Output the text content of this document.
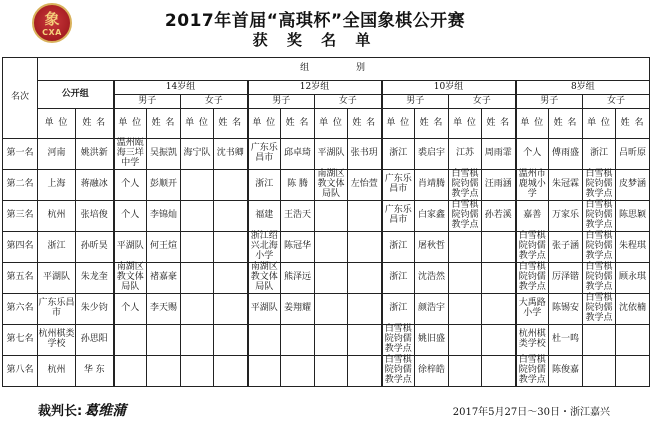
象
CXA
2017年首届“高琪杯”全国象棋公开赛
获 奖 名 单
名次	组 别																	
	公开组		14岁组				12岁组				10岁组				8岁组			
			男子		女子		男子		女子		男子		女子		男子		女子	
	单 位	姓 名	单 位	姓 名	单 位	姓 名	单 位	姓 名	单 位	姓 名	单 位	姓 名	单 位	姓 名	单 位	姓 名	单 位	姓 名
第一名	河南	姚洪新	温州瓯海三垟中学	吴振凯	海宁队	沈书卿	广东乐昌市	邱卓琦	平湖队	张书玥	浙江	裘启宇	江苏	周雨霏	个人	傅雨盛	浙江	吕昕原
第二名	上海	蒋融冰	个人	彭顺开			浙江	陈 腾	南湖区教文体局队	左怡萱	广东乐昌市	肖靖腾	白雪棋院钧儒教学点	汪雨涵	温州市鹿城小学	朱冠霖	白雪棋院钧儒教学点	皮梦涵
第三名	杭州	张培俊	个人	李锦灿			福建	王浩天			广东乐昌市	白家鑫	白雪棋院钧儒教学点	孙若溪	嘉善	万家乐	白雪棋院钧儒教学点	陈思颖
第四名	浙江	孙昕昊	平湖队	何王煊			浙江绍兴北海小学	陈冠华			浙江	屠秋哲			白雪棋院钧儒教学点	张子涵	白雪棋院钧儒教学点	朱程琪
第五名	平湖队	朱龙奎	南湖区教文体局队	褚嘉豪			南湖区教文体局队	熊泽远			浙江	沈浩然			白雪棋院钧儒教学点	厉泽锴	白雪棋院钧儒教学点	顾永琪
第六名	广东乐昌市	朱少钧	个人	李天赐			平湖队	姜翔耀			浙江	颜浩宇			大禹路小学	陈锡安	白雪棋院钧儒教学点	沈依楠
第七名	杭州棋类学校	孙思阳									白雪棋院钧儒教学点	姚旧盛			杭州棋类学校	杜一鸣		
第八名	杭州	华 东									白雪棋院钧儒教学点	徐梓皓			白雪棋院钧儒教学点	陈俊嘉		
裁判长: 葛维蒲	2017年5月27日～30日・浙江嘉兴
